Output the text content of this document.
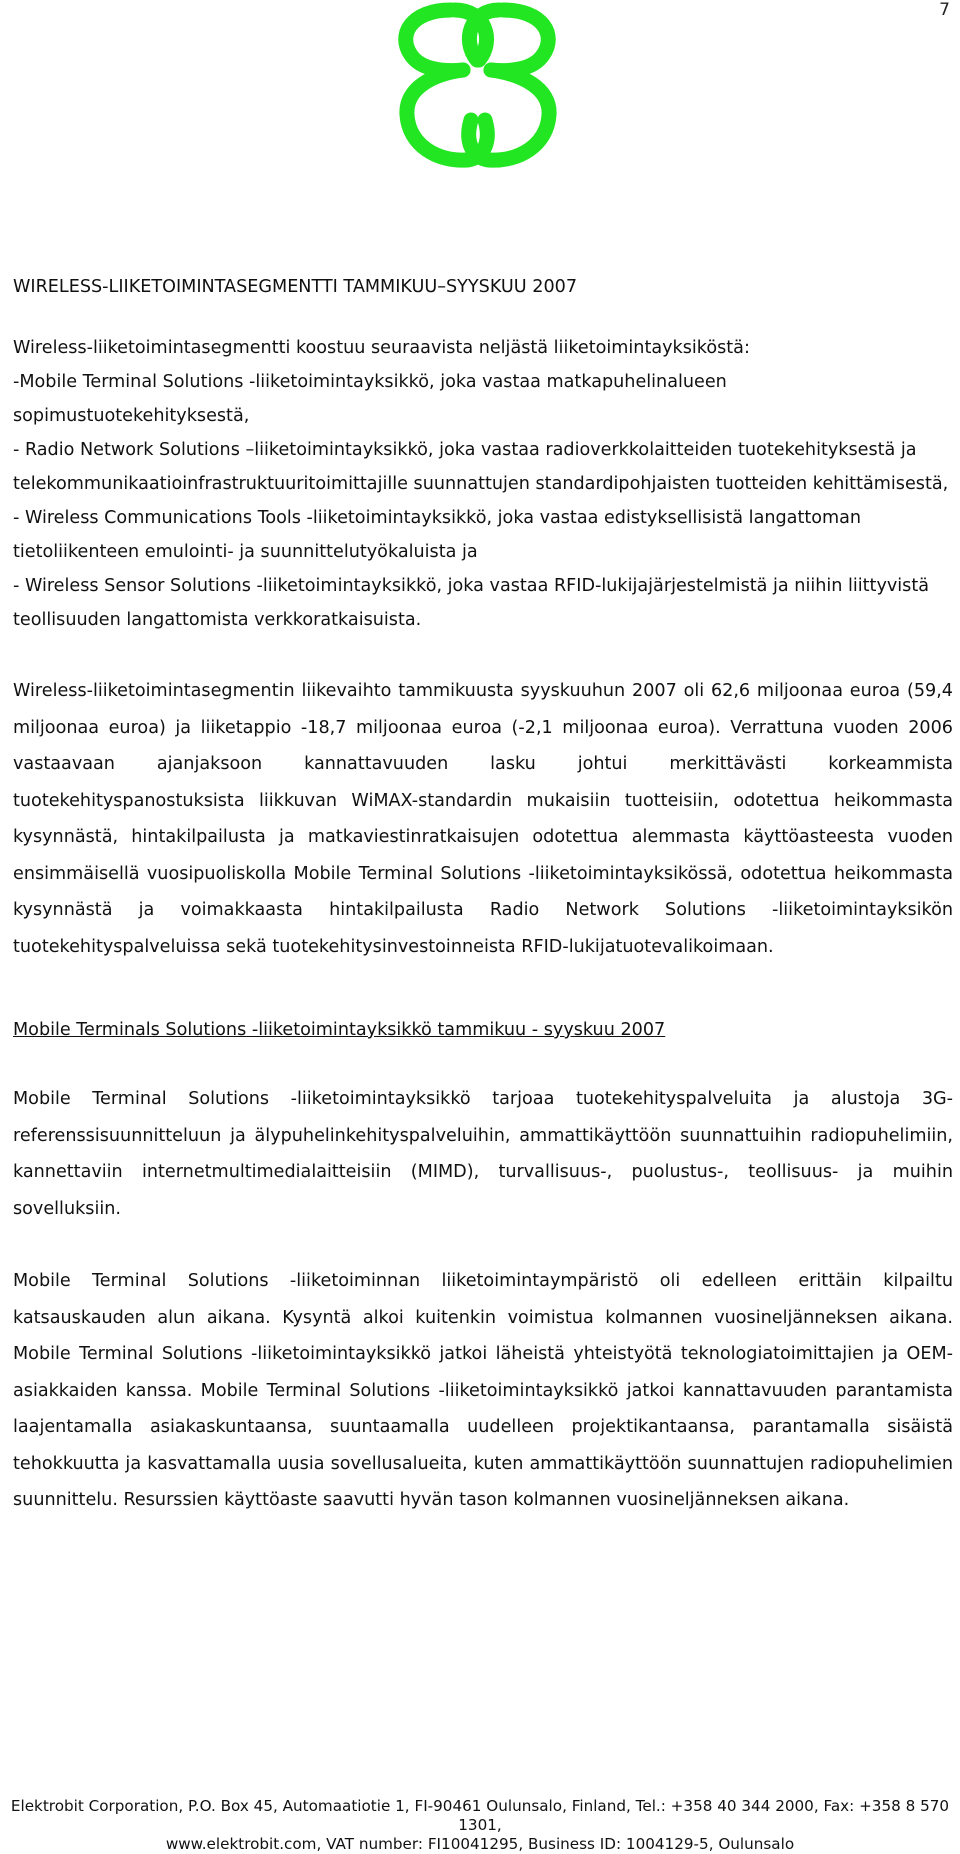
7
WIRELESS-LIIKETOIMINTASEGMENTTI TAMMIKUU–SYYSKUU 2007

Wireless-liiketoimintasegmentti koostuu seuraavista neljästä liiketoimintayksiköstä:

-Mobile Terminal Solutions -liiketoimintayksikkö, joka vastaa matkapuhelinalueen sopimustuotekehityksestä,
- Radio Network Solutions –liiketoimintayksikkö, joka vastaa radioverkkolaitteiden tuotekehityksestä ja telekommunikaatioinfrastruktuuritoimittajille suunnattujen standardipohjaisten tuotteiden kehittämisestä,
- Wireless Communications Tools -liiketoimintayksikkö, joka vastaa edistyksellisistä langattoman tietoliikenteen emulointi- ja suunnittelutyökaluista ja
- Wireless Sensor Solutions -liiketoimintayksikkö, joka vastaa RFID-lukijajärjestelmistä ja niihin liittyvistä teollisuuden langattomista verkkoratkaisuista.

Wireless-liiketoimintasegmentin liikevaihto tammikuusta syyskuuhun 2007 oli 62,6 miljoonaa euroa (59,4 miljoonaa euroa) ja liiketappio -18,7 miljoonaa euroa (-2,1 miljoonaa euroa). Verrattuna vuoden 2006 vastaavaan ajanjaksoon kannattavuuden lasku johtui merkittävästi korkeammista tuotekehityspanostuksista liikkuvan WiMAX-standardin mukaisiin tuotteisiin, odotettua heikommasta kysynnästä, hintakilpailusta ja matkaviestinratkaisujen odotettua alemmasta käyttöasteesta vuoden ensimmäisellä vuosipuoliskolla Mobile Terminal Solutions -liiketoimintayksikössä, odotettua heikommasta kysynnästä ja voimakkaasta hintakilpailusta Radio Network Solutions -liiketoimintayksikön tuotekehityspalveluissa sekä tuotekehitysinvestoinneista RFID-lukijatuotevalikoimaan.

Mobile Terminals Solutions -liiketoimintayksikkö tammikuu - syyskuu 2007

Mobile Terminal Solutions -liiketoimintayksikkö tarjoaa tuotekehityspalveluita ja alustoja 3G-referenssisuunnitteluun ja älypuhelinkehityspalveluihin, ammattikäyttöön suunnattuihin radiopuhelimiin, kannettaviin internetmultimedialaitteisiin (MIMD), turvallisuus-, puolustus-, teollisuus- ja muihin sovelluksiin.

Mobile Terminal Solutions -liiketoiminnan liiketoimintaympäristö oli edelleen erittäin kilpailtu katsauskauden alun aikana. Kysyntä alkoi kuitenkin voimistua kolmannen vuosineljänneksen aikana. Mobile Terminal Solutions -liiketoimintayksikkö jatkoi läheistä yhteistyötä teknologiatoimittajien ja OEM-asiakkaiden kanssa. Mobile Terminal Solutions -liiketoimintayksikkö jatkoi kannattavuuden parantamista laajentamalla asiakaskuntaansa, suuntaamalla uudelleen projektikantaansa, parantamalla sisäistä tehokkuutta ja kasvattamalla uusia sovellusalueita, kuten ammattikäyttöön suunnattujen radiopuhelimien suunnittelu. Resurssien käyttöaste saavutti hyvän tason kolmannen vuosineljänneksen aikana.

Elektrobit Corporation, P.O. Box 45, Automaatiotie 1, FI-90461 Oulunsalo, Finland, Tel.: +358 40 344 2000, Fax: +358 8 570 1301,
www.elektrobit.com, VAT number: FI10041295, Business ID: 1004129-5, Oulunsalo
